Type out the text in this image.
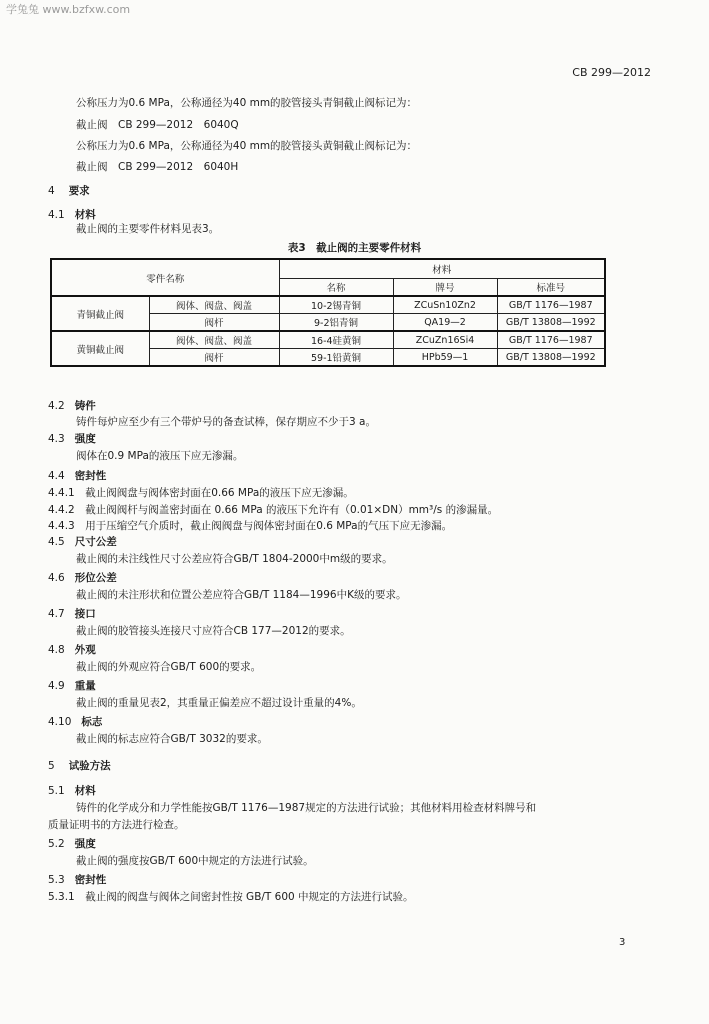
学兔兔 www.bzfxw.com
CB 299—2012
公称压力为0.6 MPa，公称通径为40 mm的胶管接头青铜截止阀标记为：
截止阀　CB 299—2012　6040Q
公称压力为0.6 MPa，公称通径为40 mm的胶管接头黄铜截止阀标记为：
截止阀　CB 299—2012　6040H
4 要求
4.1 材料
截止阀的主要零件材料见表3。
表3　截止阀的主要零件材料
零件名称		材料		
		名称	牌号	标准号
青铜截止阀	阀体、阀盘、阀盖	10-2锡青铜	ZCuSn10Zn2	GB/T 1176—1987
	阀杆	9-2铝青铜	QA19—2	GB/T 13808—1992
黄铜截止阀	阀体、阀盘、阀盖	16-4硅黄铜	ZCuZn16Si4	GB/T 1176—1987
	阀杆	59-1铅黄铜	HPb59—1	GB/T 13808—1992
4.2 铸件
铸件每炉应至少有三个带炉号的备查试棒，保存期应不少于3 a。
4.3 强度
阀体在0.9 MPa的液压下应无渗漏。
4.4 密封性
4.4.1　截止阀阀盘与阀体密封面在0.66 MPa的液压下应无渗漏。
4.4.2　截止阀阀杆与阀盖密封面在 0.66 MPa 的液压下允许有（0.01×DN）mm³/s 的渗漏量。
4.4.3　用于压缩空气介质时，截止阀阀盘与阀体密封面在0.6 MPa的气压下应无渗漏。
4.5 尺寸公差
截止阀的未注线性尺寸公差应符合GB/T 1804-2000中m级的要求。
4.6 形位公差
截止阀的未注形状和位置公差应符合GB/T 1184—1996中K级的要求。
4.7 接口
截止阀的胶管接头连接尺寸应符合CB 177—2012的要求。
4.8 外观
截止阀的外观应符合GB/T 600的要求。
4.9 重量
截止阀的重量见表2，其重量正偏差应不超过设计重量的4%。
4.10 标志
截止阀的标志应符合GB/T 3032的要求。
5 试验方法
5.1 材料
铸件的化学成分和力学性能按GB/T 1176—1987规定的方法进行试验；其他材料用检查材料牌号和
质量证明书的方法进行检查。
5.2 强度
截止阀的强度按GB/T 600中规定的方法进行试验。
5.3 密封性
5.3.1　截止阀的阀盘与阀体之间密封性按 GB/T 600 中规定的方法进行试验。
3
